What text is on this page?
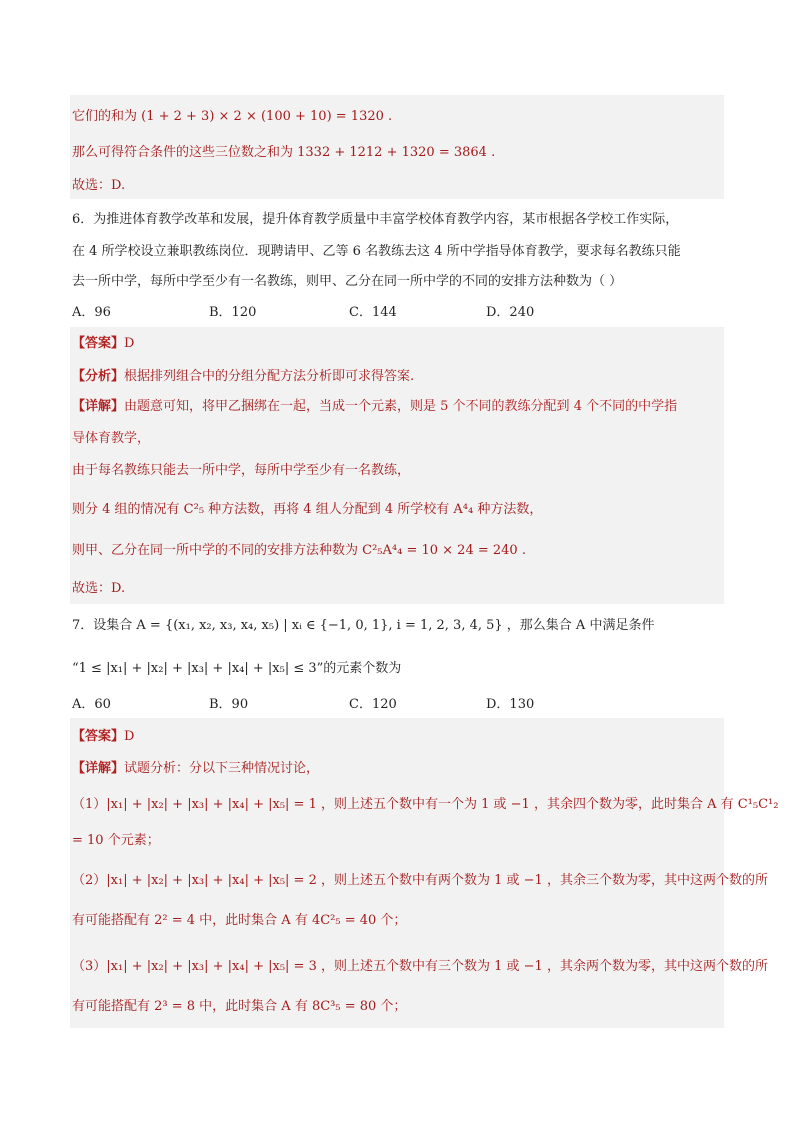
它们的和为 (1 + 2 + 3) × 2 × (100 + 10) = 1320 .
那么可得符合条件的这些三位数之和为 1332 + 1212 + 1320 = 3864 .
故选：D.
6．为推进体育教学改革和发展，提升体育教学质量中丰富学校体育教学内容，某市根据各学校工作实际，
在 4 所学校设立兼职教练岗位．现聘请甲、乙等 6 名教练去这 4 所中学指导体育教学，要求每名教练只能
去一所中学，每所中学至少有一名教练，则甲、乙分在同一所中学的不同的安排方法种数为（ ）
A．96	B．120	C．144	D．240
【答案】D
【分析】根据排列组合中的分组分配方法分析即可求得答案.
【详解】由题意可知，将甲乙捆绑在一起，当成一个元素，则是 5 个不同的教练分配到 4 个不同的中学指
导体育教学，
由于每名教练只能去一所中学，每所中学至少有一名教练，
则分 4 组的情况有 C²₅ 种方法数，再将 4 组人分配到 4 所学校有 A⁴₄ 种方法数，
则甲、乙分在同一所中学的不同的安排方法种数为 C²₅A⁴₄ = 10 × 24 = 240 .
故选：D.
7．设集合 A = {(x₁, x₂, x₃, x₄, x₅) | xᵢ ∈ {−1, 0, 1}, i = 1, 2, 3, 4, 5} ，那么集合 A 中满足条件
“1 ≤ |x₁| + |x₂| + |x₃| + |x₄| + |x₅| ≤ 3”的元素个数为
A．60	B．90	C．120	D．130
【答案】D
【详解】试题分析：分以下三种情况讨论，
（1）|x₁| + |x₂| + |x₃| + |x₄| + |x₅| = 1 ，则上述五个数中有一个为 1 或 −1 ，其余四个数为零，此时集合 A 有 C¹₅C¹₂
= 10 个元素；
（2）|x₁| + |x₂| + |x₃| + |x₄| + |x₅| = 2 ，则上述五个数中有两个数为 1 或 −1 ，其余三个数为零，其中这两个数的所
有可能搭配有 2² = 4 中，此时集合 A 有 4C²₅ = 40 个；
（3）|x₁| + |x₂| + |x₃| + |x₄| + |x₅| = 3 ，则上述五个数中有三个数为 1 或 −1 ，其余两个数为零，其中这两个数的所
有可能搭配有 2³ = 8 中，此时集合 A 有 8C³₅ = 80 个；
